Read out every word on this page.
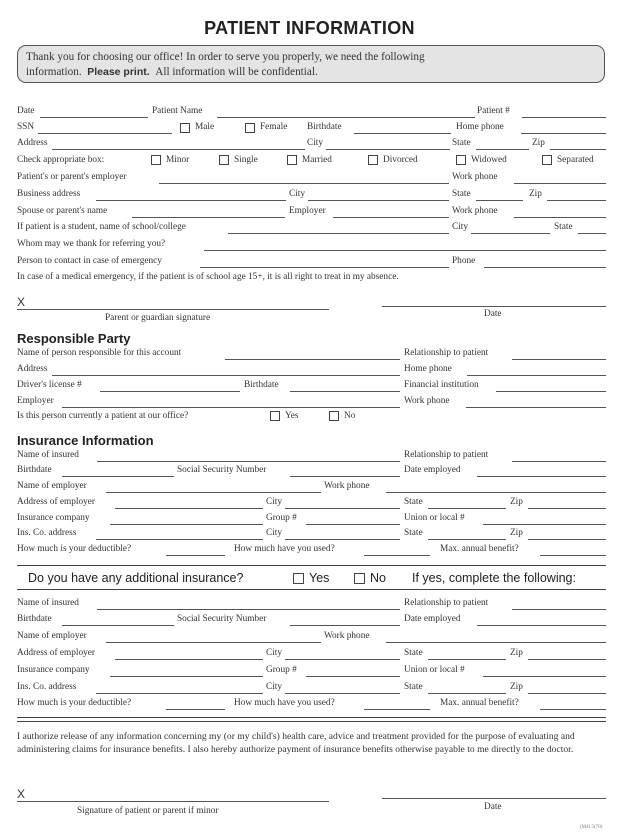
PATIENT INFORMATION
Thank you for choosing our office! In order to serve you properly, we need the following
information. Please print. All information will be confidential.
Date	Patient Name	Patient #
SSN	Male	Female Birthdate	Home phone
Address	City	State	Zip
Check appropriate box:	Minor	Single	Married	Divorced	Widowed	Separated
Patient's or parent's employer	Work phone
Business address	City	State	Zip
Spouse or parent's name	Employer	Work phone
If patient is a student, name of school/college	City	State
Whom may we thank for referring you?
Person to contact in case of emergency	Phone
In case of a medical emergency, if the patient is of school age 15+, it is all right to treat in my absence.
X
Parent or guardian signature	Date
Responsible Party
Name of person responsible for this account	Relationship to patient
Address	Home phone
Driver's license #	Birthdate	Financial institution
Employer	Work phone
Is this person currently a patient at our office?	Yes	No
Insurance Information
Name of insured	Relationship to patient
Birthdate	Social Security Number	Date employed
Name of employer	Work phone
Address of employer	City	State	Zip
Insurance company	Group #	Union or local #
Ins. Co. address	City	State	Zip
How much is your deductible?	How much have you used?	Max. annual benefit?
Do you have any additional insurance?	Yes	No If yes, complete the following:
Name of insured	Relationship to patient
Birthdate	Social Security Number	Date employed
Name of employer	Work phone
Address of employer	City	State	Zip
Insurance company	Group #	Union or local #
Ins. Co. address	City	State	Zip
How much is your deductible?	How much have you used?	Max. annual benefit?
I authorize release of any information concerning my (or my child's) health care, advice and treatment provided for the purpose of evaluating and administering claims for insurance benefits. I also hereby authorize payment of insurance benefits otherwise payable to me directly to the doctor.
X
Signature of patient or parent if minor	Date
(M4) 5(70)
